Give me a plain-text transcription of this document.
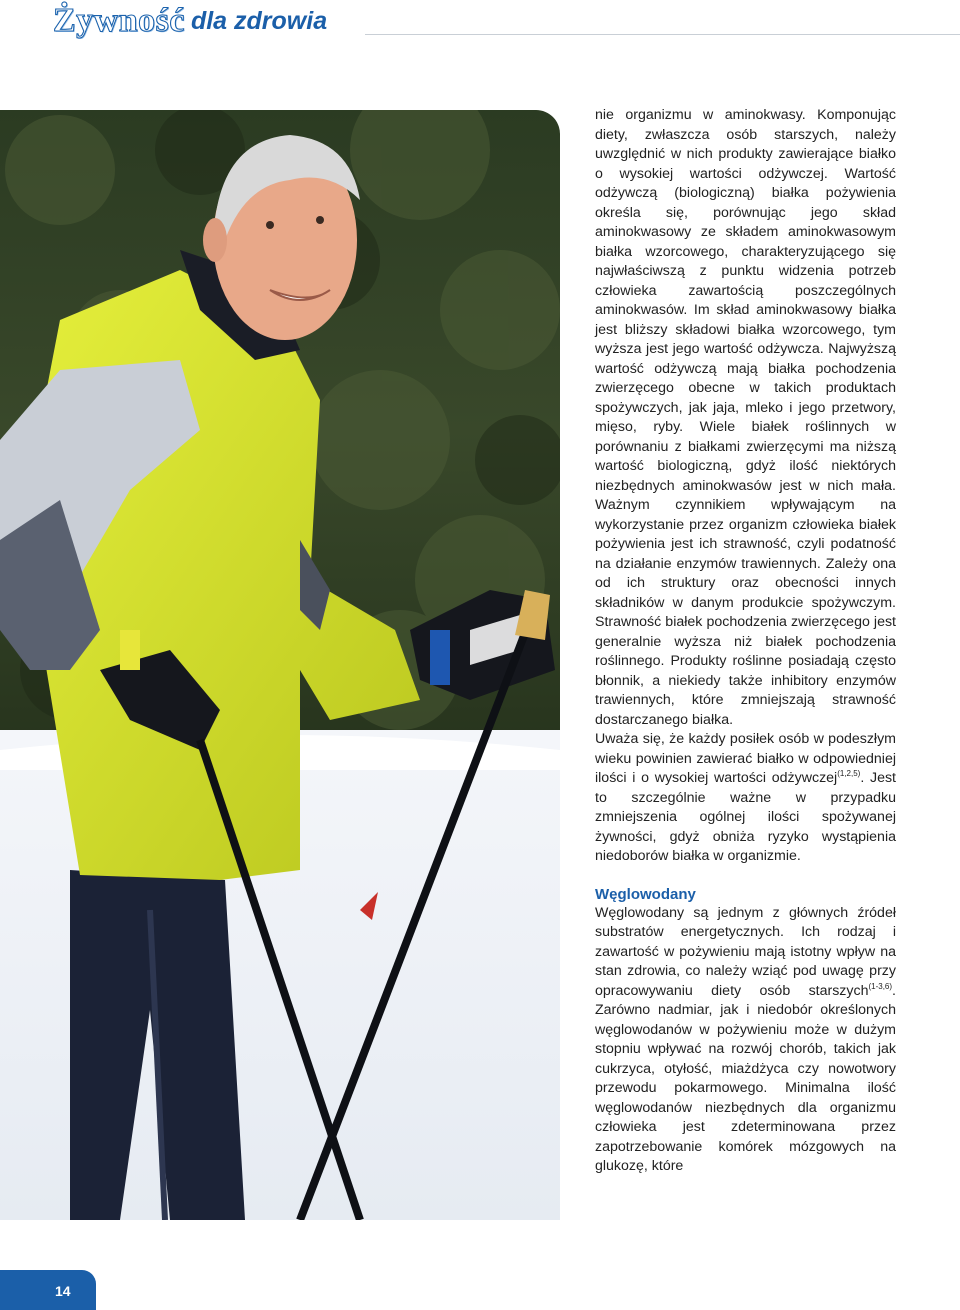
Żywność dla zdrowia

nie organizmu w aminokwasy. Komponując diety, zwłaszcza osób starszych, należy uwzględnić w nich produkty zawierające białko o wysokiej wartości odżywczej. Wartość odżywczą (biologiczną) białka pożywienia określa się, porównując jego skład aminokwasowy ze składem aminokwasowym białka wzorcowego, charakteryzującego się najwłaściwszą z punktu widzenia potrzeb człowieka zawartością poszczególnych aminokwasów. Im skład aminokwasowy białka jest bliższy składowi białka wzorcowego, tym wyższa jest jego wartość odżywcza. Najwyższą wartość odżywczą mają białka pochodzenia zwierzęcego obecne w takich produktach spożywczych, jak jaja, mleko i jego przetwory, mięso, ryby. Wiele białek roślinnych w porównaniu z białkami zwierzęcymi ma niższą wartość biologiczną, gdyż ilość niektórych niezbędnych aminokwasów jest w nich mała. Ważnym czynnikiem wpływającym na wykorzystanie przez organizm człowieka białek pożywienia jest ich strawność, czyli podatność na działanie enzymów trawiennych. Zależy ona od ich struktury oraz obecności innych składników w danym produkcie spożywczym. Strawność białek pochodzenia zwierzęcego jest generalnie wyższa niż białek pochodzenia roślinnego. Produkty roślinne posiadają często błonnik, a niekiedy także inhibitory enzymów trawiennych, które zmniejszają strawność dostarczanego białka.

Uważa się, że każdy posiłek osób w podeszłym wieku powinien zawierać białko w odpowiedniej ilości i o wysokiej wartości odżywczej$^{(1,2,5)}$. Jest to szczególnie ważne w przypadku zmniejszenia ogólnej ilości spożywanej żywności, gdyż obniża ryzyko wystąpienia niedoborów białka w organizmie.

Węglowodany

Węglowodany są jednym z głównych źródeł substratów energetycznych. Ich rodzaj i zawartość w pożywieniu mają istotny wpływ na stan zdrowia, co należy wziąć pod uwagę przy opracowywaniu diety osób starszych$^{(1-3,6)}$. Zarówno nadmiar, jak i niedobór określonych węglowodanów w pożywieniu może w dużym stopniu wpływać na rozwój chorób, takich jak cukrzyca, otyłość, miażdżyca czy nowotwory przewodu pokarmowego. Minimalna ilość węglowodanów niezbędnych dla organizmu człowieka jest zdeterminowana przez zapotrzebowanie komórek mózgowych na glukozę, które

14
